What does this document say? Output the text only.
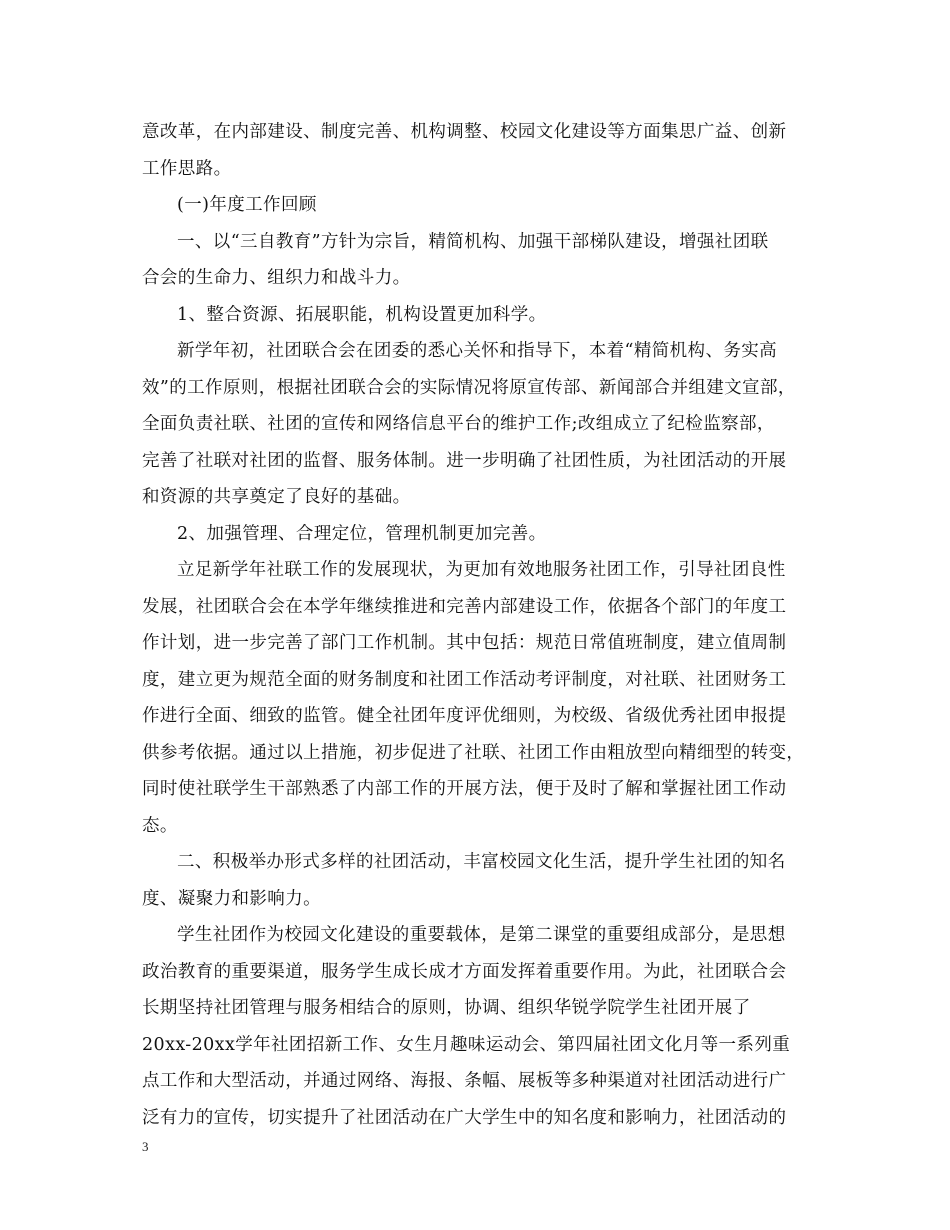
意改革，在内部建设、制度完善、机构调整、校园文化建设等方面集思广益、创新
工作思路。
(一)年度工作回顾
一、以“三自教育”方针为宗旨，精简机构、加强干部梯队建设，增强社团联
合会的生命力、组织力和战斗力。
1、整合资源、拓展职能，机构设置更加科学。
新学年初，社团联合会在团委的悉心关怀和指导下，本着“精简机构、务实高
效”的工作原则，根据社团联合会的实际情况将原宣传部、新闻部合并组建文宣部，
全面负责社联、社团的宣传和网络信息平台的维护工作;改组成立了纪检监察部，
完善了社联对社团的监督、服务体制。进一步明确了社团性质，为社团活动的开展
和资源的共享奠定了良好的基础。
2、加强管理、合理定位，管理机制更加完善。
立足新学年社联工作的发展现状，为更加有效地服务社团工作，引导社团良性
发展，社团联合会在本学年继续推进和完善内部建设工作，依据各个部门的年度工
作计划，进一步完善了部门工作机制。其中包括：规范日常值班制度，建立值周制
度，建立更为规范全面的财务制度和社团工作活动考评制度，对社联、社团财务工
作进行全面、细致的监管。健全社团年度评优细则，为校级、省级优秀社团申报提
供参考依据。通过以上措施，初步促进了社联、社团工作由粗放型向精细型的转变，
同时使社联学生干部熟悉了内部工作的开展方法，便于及时了解和掌握社团工作动
态。
二、积极举办形式多样的社团活动，丰富校园文化生活，提升学生社团的知名
度、凝聚力和影响力。
学生社团作为校园文化建设的重要载体，是第二课堂的重要组成部分，是思想
政治教育的重要渠道，服务学生成长成才方面发挥着重要作用。为此，社团联合会
长期坚持社团管理与服务相结合的原则，协调、组织华锐学院学生社团开展了
20xx-20xx学年社团招新工作、女生月趣味运动会、第四届社团文化月等一系列重
点工作和大型活动，并通过网络、海报、条幅、展板等多种渠道对社团活动进行广
泛有力的宣传，切实提升了社团活动在广大学生中的知名度和影响力，社团活动的
3
